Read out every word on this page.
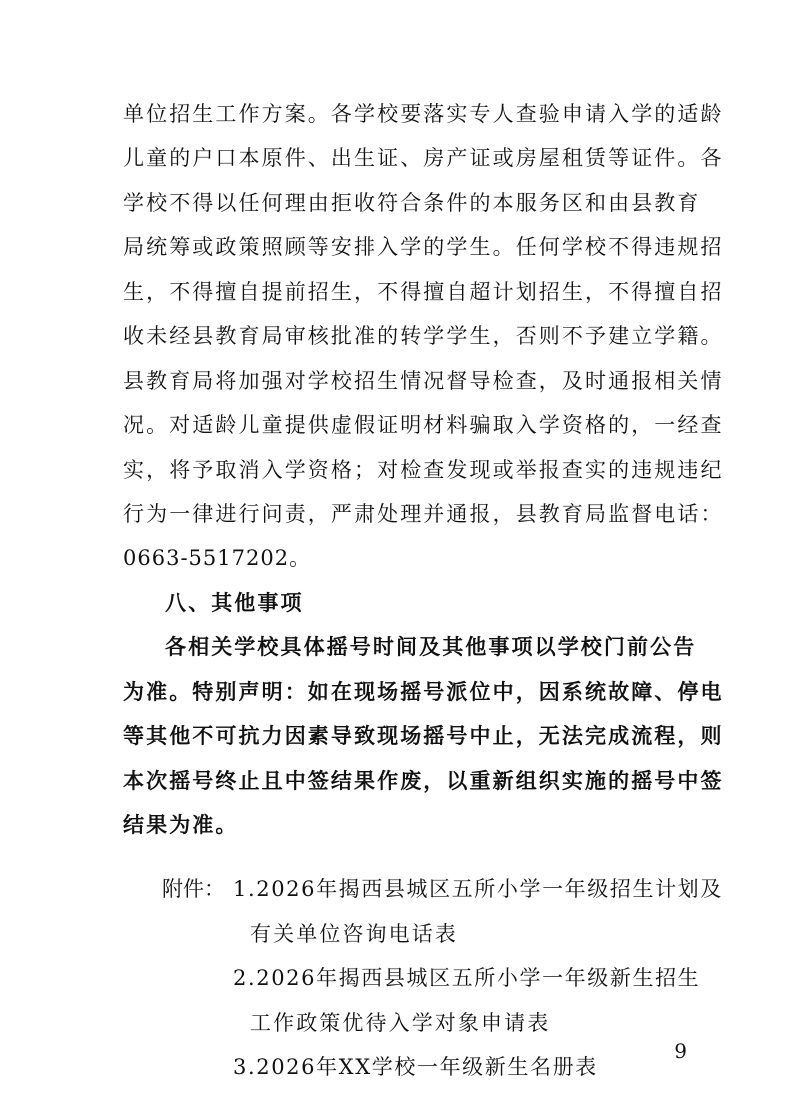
单位招生工作方案。各学校要落实专人查验申请入学的适龄
儿童的户口本原件、出生证、房产证或房屋租赁等证件。各
学校不得以任何理由拒收符合条件的本服务区和由县教育
局统筹或政策照顾等安排入学的学生。任何学校不得违规招
生，不得擅自提前招生，不得擅自超计划招生，不得擅自招
收未经县教育局审核批准的转学学生，否则不予建立学籍。
县教育局将加强对学校招生情况督导检查，及时通报相关情
况。对适龄儿童提供虚假证明材料骗取入学资格的，一经查
实，将予取消入学资格；对检查发现或举报查实的违规违纪
行为一律进行问责，严肃处理并通报，县教育局监督电话：
0663-5517202。
八、其他事项
各相关学校具体摇号时间及其他事项以学校门前公告
为准。特别声明：如在现场摇号派位中，因系统故障、停电
等其他不可抗力因素导致现场摇号中止，无法完成流程，则
本次摇号终止且中签结果作废，以重新组织实施的摇号中签
结果为准。
附件： 1.2026年揭西县城区五所小学一年级招生计划及
有关单位咨询电话表
2.2026年揭西县城区五所小学一年级新生招生
工作政策优待入学对象申请表
3.2026年XX学校一年级新生名册表
9
